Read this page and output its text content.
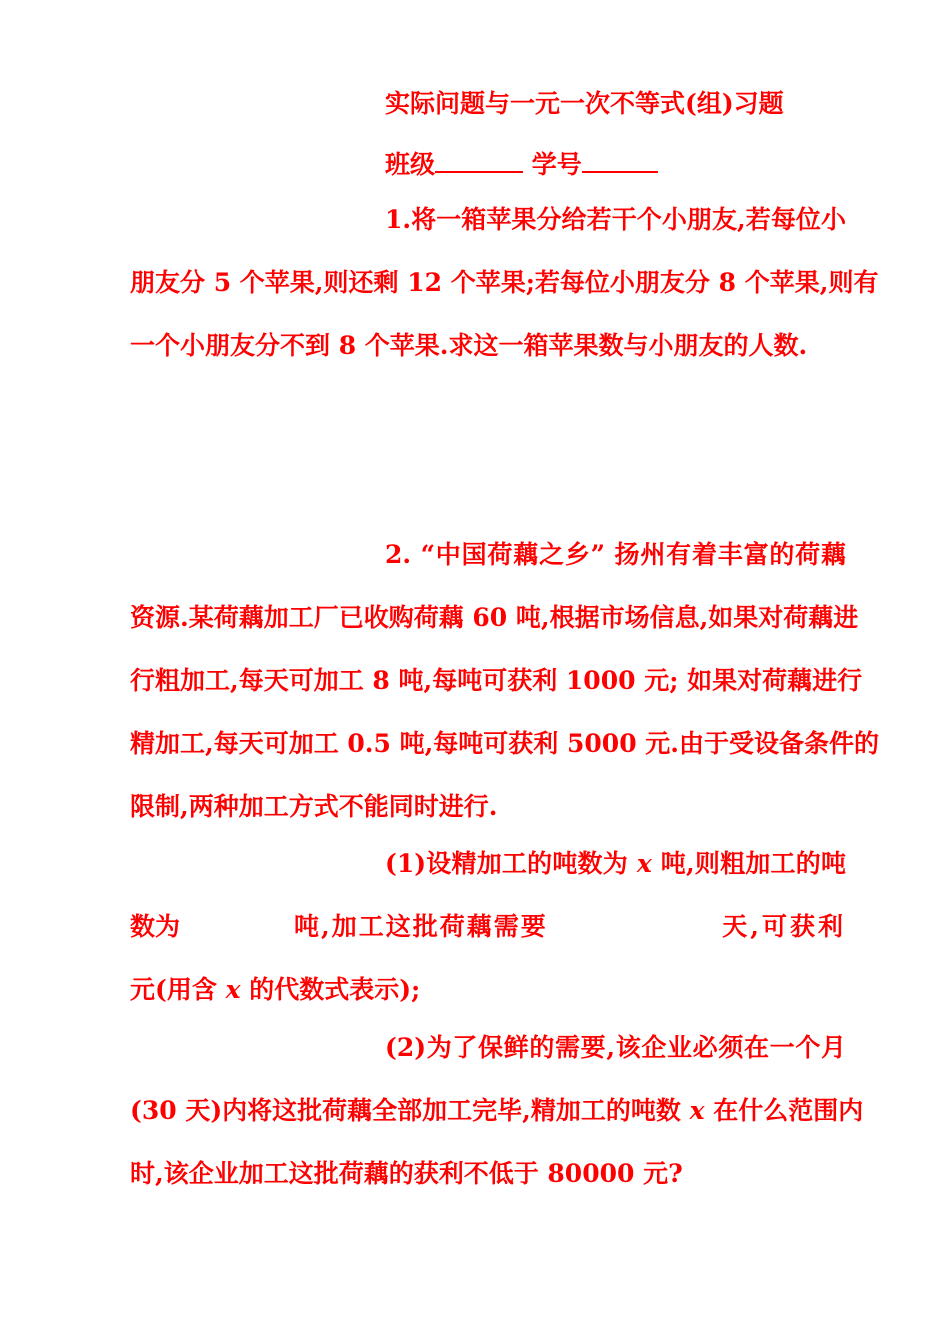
实际问题与一元一次不等式(组)习题
班级	学号
1.将一箱苹果分给若干个小朋友,若每位小
朋友分 5 个苹果,则还剩 12 个苹果;若每位小朋友分 8 个苹果,则有
一个小朋友分不到 8 个苹果.求这一箱苹果数与小朋友的人数.
2. “中国荷藕之乡” 扬州有着丰富的荷藕
资源.某荷藕加工厂已收购荷藕 60 吨,根据市场信息,如果对荷藕进
行粗加工,每天可加工 8 吨,每吨可获利 1000 元; 如果对荷藕进行
精加工,每天可加工 0.5 吨,每吨可获利 5000 元.由于受设备条件的
限制,两种加工方式不能同时进行.
(1)设精加工的吨数为 x 吨,则粗加工的吨
数为	吨,加工这批荷藕需要	天,可获利
元(用含 x 的代数式表示);
(2)为了保鲜的需要,该企业必须在一个月
(30 天)内将这批荷藕全部加工完毕,精加工的吨数 x 在什么范围内
时,该企业加工这批荷藕的获利不低于 80000 元?
